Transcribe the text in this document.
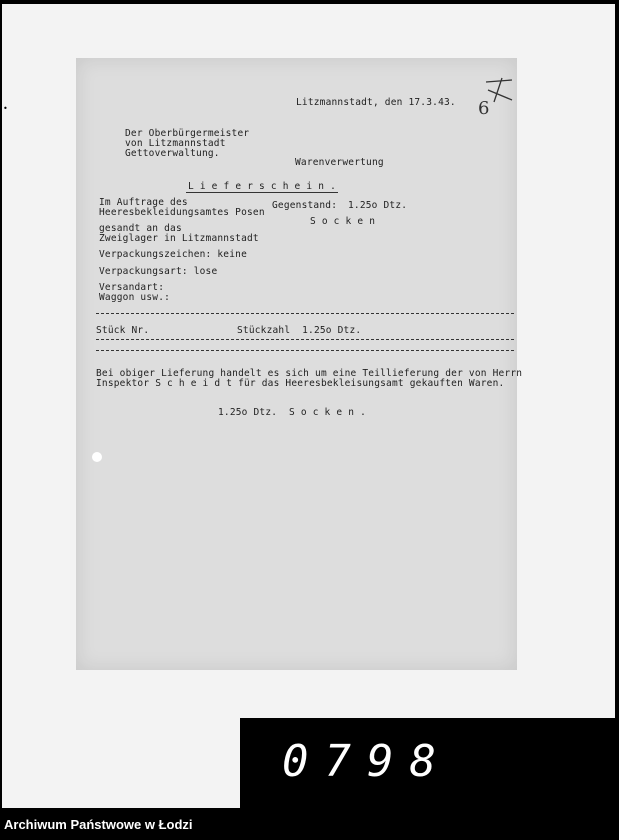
•
Litzmannstadt, den 17.3.43. 6
Der Oberbürgermeister
von Litzmannstadt
Gettoverwaltung.
Warenverwertung
L i e f e r s c h e i n .
Im Auftrage des
Heeresbekleidungsamtes Posen
Gegenstand: 1.25o Dtz.
S o c k e n
gesandt an das
Zweiglager in Litzmannstadt
Verpackungszeichen: keine
Verpackungsart: lose
Versandart:
Waggon usw.:
Stück Nr.	Stückzahl  1.25o Dtz.
Bei obiger Lieferung handelt es sich um eine Teillieferung der von Herrn
Inspektor S c h e i d t für das Heeresbekleisungsamt gekauften Waren.
1.25o Dtz.  S o c k e n .
0798
Archiwum Państwowe w Łodzi
